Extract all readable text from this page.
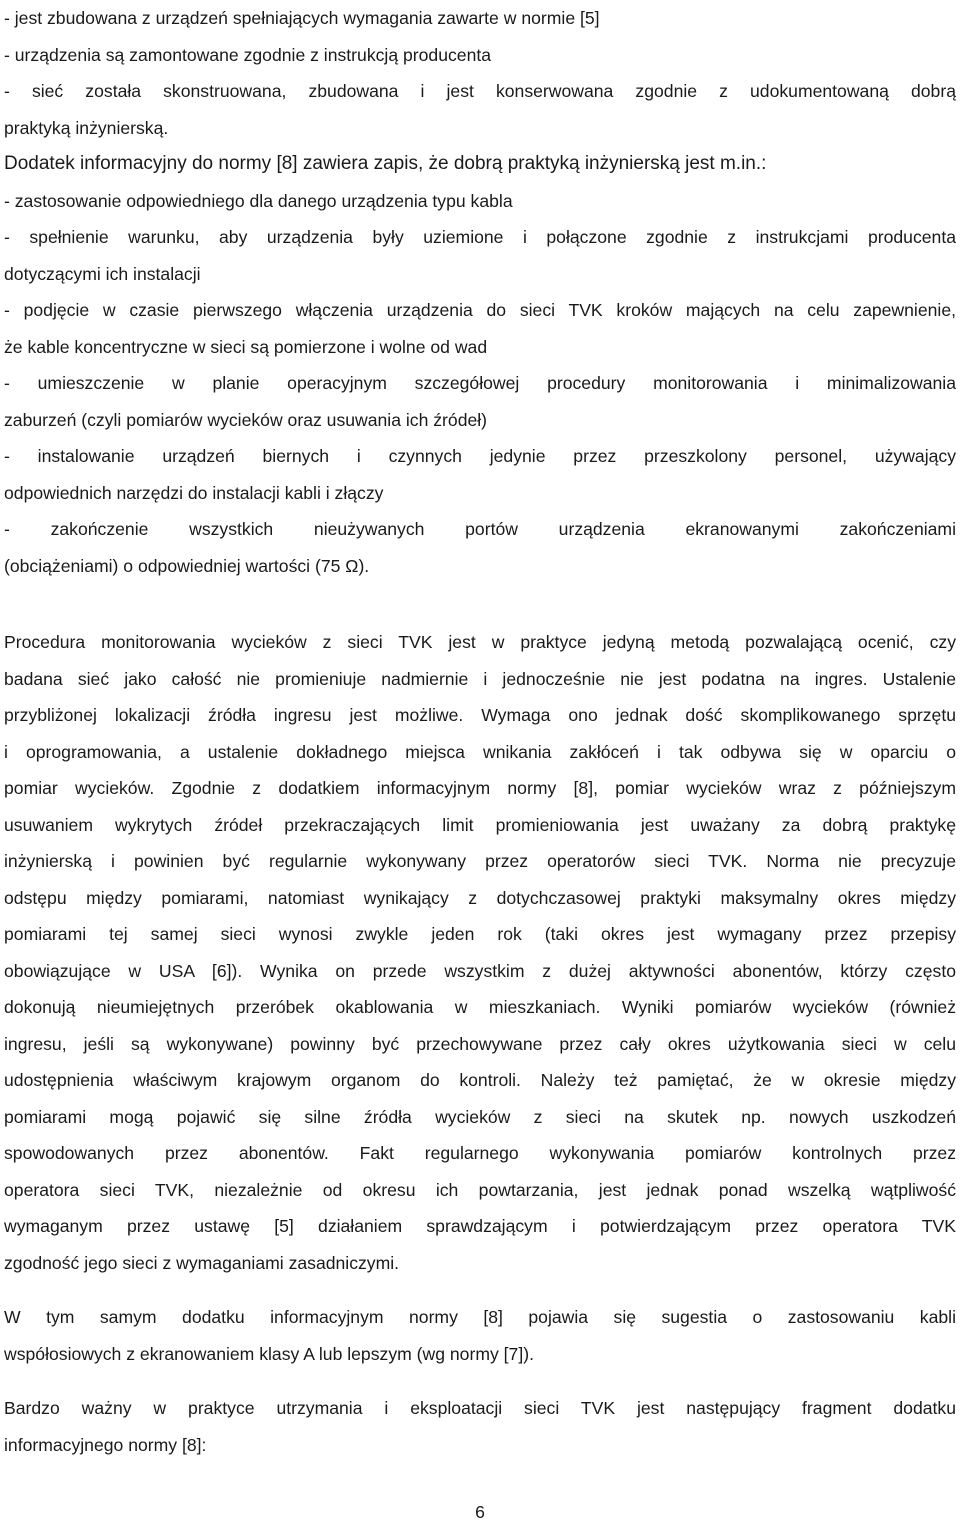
- jest zbudowana z urządzeń spełniających wymagania zawarte w normie [5]
- urządzenia są zamontowane zgodnie z instrukcją producenta
- sieć została skonstruowana, zbudowana i jest konserwowana zgodnie z udokumentowaną dobrą
praktyką inżynierską.
Dodatek informacyjny do normy [8] zawiera zapis, że dobrą praktyką inżynierską jest m.in.:
- zastosowanie odpowiedniego dla danego urządzenia typu kabla
- spełnienie warunku, aby urządzenia były uziemione i połączone zgodnie z instrukcjami producenta
dotyczącymi ich instalacji
- podjęcie w czasie pierwszego włączenia urządzenia do sieci TVK kroków mających na celu zapewnienie,
że kable koncentryczne w sieci są pomierzone i wolne od wad
- umieszczenie w planie operacyjnym szczegółowej procedury monitorowania i minimalizowania
zaburzeń (czyli pomiarów wycieków oraz usuwania ich źródeł)
- instalowanie urządzeń biernych i czynnych jedynie przez przeszkolony personel, używający
odpowiednich narzędzi do instalacji kabli i złączy
- zakończenie wszystkich nieużywanych portów urządzenia ekranowanymi zakończeniami
(obciążeniami) o odpowiedniej wartości (75 Ω).
Procedura monitorowania wycieków z sieci TVK jest w praktyce jedyną metodą pozwalającą ocenić, czy
badana sieć jako całość nie promieniuje nadmiernie i jednocześnie nie jest podatna na ingres. Ustalenie
przybliżonej lokalizacji źródła ingresu jest możliwe. Wymaga ono jednak dość skomplikowanego sprzętu
i oprogramowania, a ustalenie dokładnego miejsca wnikania zakłóceń i tak odbywa się w oparciu o
pomiar wycieków. Zgodnie z dodatkiem informacyjnym normy [8], pomiar wycieków wraz z późniejszym
usuwaniem wykrytych źródeł przekraczających limit promieniowania jest uważany za dobrą praktykę
inżynierską i powinien być regularnie wykonywany przez operatorów sieci TVK. Norma nie precyzuje
odstępu między pomiarami, natomiast wynikający z dotychczasowej praktyki maksymalny okres między
pomiarami tej samej sieci wynosi zwykle jeden rok (taki okres jest wymagany przez przepisy
obowiązujące w USA [6]). Wynika on przede wszystkim z dużej aktywności abonentów, którzy często
dokonują nieumiejętnych przeróbek okablowania w mieszkaniach. Wyniki pomiarów wycieków (również
ingresu, jeśli są wykonywane) powinny być przechowywane przez cały okres użytkowania sieci w celu
udostępnienia właściwym krajowym organom do kontroli. Należy też pamiętać, że w okresie między
pomiarami mogą pojawić się silne źródła wycieków z sieci na skutek np. nowych uszkodzeń
spowodowanych przez abonentów. Fakt regularnego wykonywania pomiarów kontrolnych przez
operatora sieci TVK, niezależnie od okresu ich powtarzania, jest jednak ponad wszelką wątpliwość
wymaganym przez ustawę [5] działaniem sprawdzającym i potwierdzającym przez operatora TVK
zgodność jego sieci z wymaganiami zasadniczymi.
W tym samym dodatku informacyjnym normy [8] pojawia się sugestia o zastosowaniu kabli
współosiowych z ekranowaniem klasy A lub lepszym (wg normy [7]).
Bardzo ważny w praktyce utrzymania i eksploatacji sieci TVK jest następujący fragment dodatku
informacyjnego normy [8]:
6
